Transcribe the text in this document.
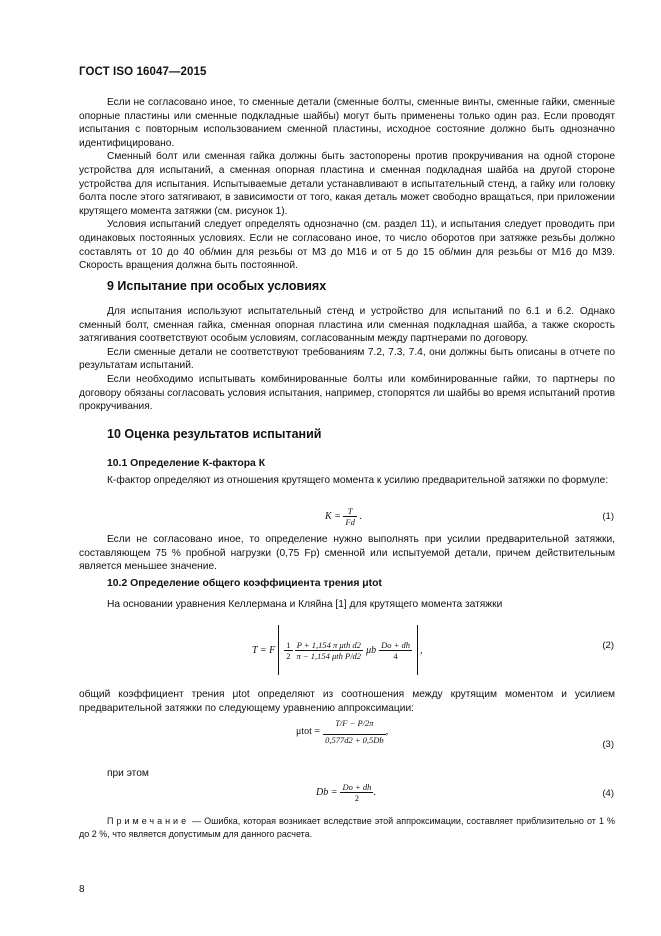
ГОСТ ISO 16047—2015

Если не согласовано иное, то сменные детали (сменные болты, сменные винты, сменные гайки, сменные опорные пластины или сменные подкладные шайбы) могут быть применены только один раз. Если проводят испытания с повторным использованием сменной пластины, исходное состояние должно быть однозначно идентифицировано.

Сменный болт или сменная гайка должны быть застопорены против прокручивания на одной стороне устройства для испытаний, а сменная опорная пластина и сменная подкладная шайба на другой стороне устройства для испытания. Испытываемые детали устанавливают в испытательный стенд, а гайку или головку болта после этого затягивают, в зависимости от того, какая деталь может свободно вращаться, при приложении крутящего момента затяжки (см. рисунок 1).

Условия испытаний следует определять однозначно (см. раздел 11), и испытания следует проводить при одинаковых постоянных условиях. Если не согласовано иное, то число оборотов при затяжке резьбы должно составлять от 10 до 40 об/мин для резьбы от М3 до М16 и от 5 до 15 об/мин для резьбы от М16 до М39. Скорость вращения должна быть постоянной.

9 Испытание при особых условиях

Для испытания используют испытательный стенд и устройство для испытаний по 6.1 и 6.2. Однако сменный болт, сменная гайка, сменная опорная пластина или сменная подкладная шайба, а также скорость затягивания соответствуют особым условиям, согласованным между партнерами по договору.

Если сменные детали не соответствуют требованиям 7.2, 7.3, 7.4, они должны быть описаны в отчете по результатам испытаний.

Если необходимо испытывать комбинированные болты или комбинированные гайки, то партнеры по договору обязаны согласовать условия испытания, например, стопорятся ли шайбы во время испытаний против прокручивания.

10 Оценка результатов испытаний
10.1 Определение К-фактора К

К-фактор определяют из отношения крутящего момента к усилию предварительной затяжки по формуле:

$K = \frac{T}{Fd}$ .	(1)

Если не согласовано иное, то определение нужно выполнять при усилии предварительной затяжки, составляющем 75 % пробной нагрузки (0,75 Fp) сменной или испытуемой детали, причем действительным является меньшее значение.

10.2 Определение общего коэффициента трения μtot

На основании уравнения Келлермана и Кляйна [1] для крутящего момента затяжки

T = F $\frac{1}{2} \frac{\text{P + 1,154 π μth d2}}{\text{π − 1,154 μth P/d2}}$ μb $\frac{Do + dh}{4}$ ,	(2)

общий коэффициент трения μtot определяют из соотношения между крутящим моментом и усилием предварительной затяжки по следующему уравнению аппроксимации:

$\mu tot = \frac{T/F - P/2\pi}{0,577d2 + 0,5Db}$ ,
(3)
при этом
$Db = \frac{Do + dh}{2}$ .	(4)
Примечание — Ошибка, которая возникает вследствие этой аппроксимации, составляет приблизительно от 1 % до 2 %, что является допустимым для данного расчета.
8
